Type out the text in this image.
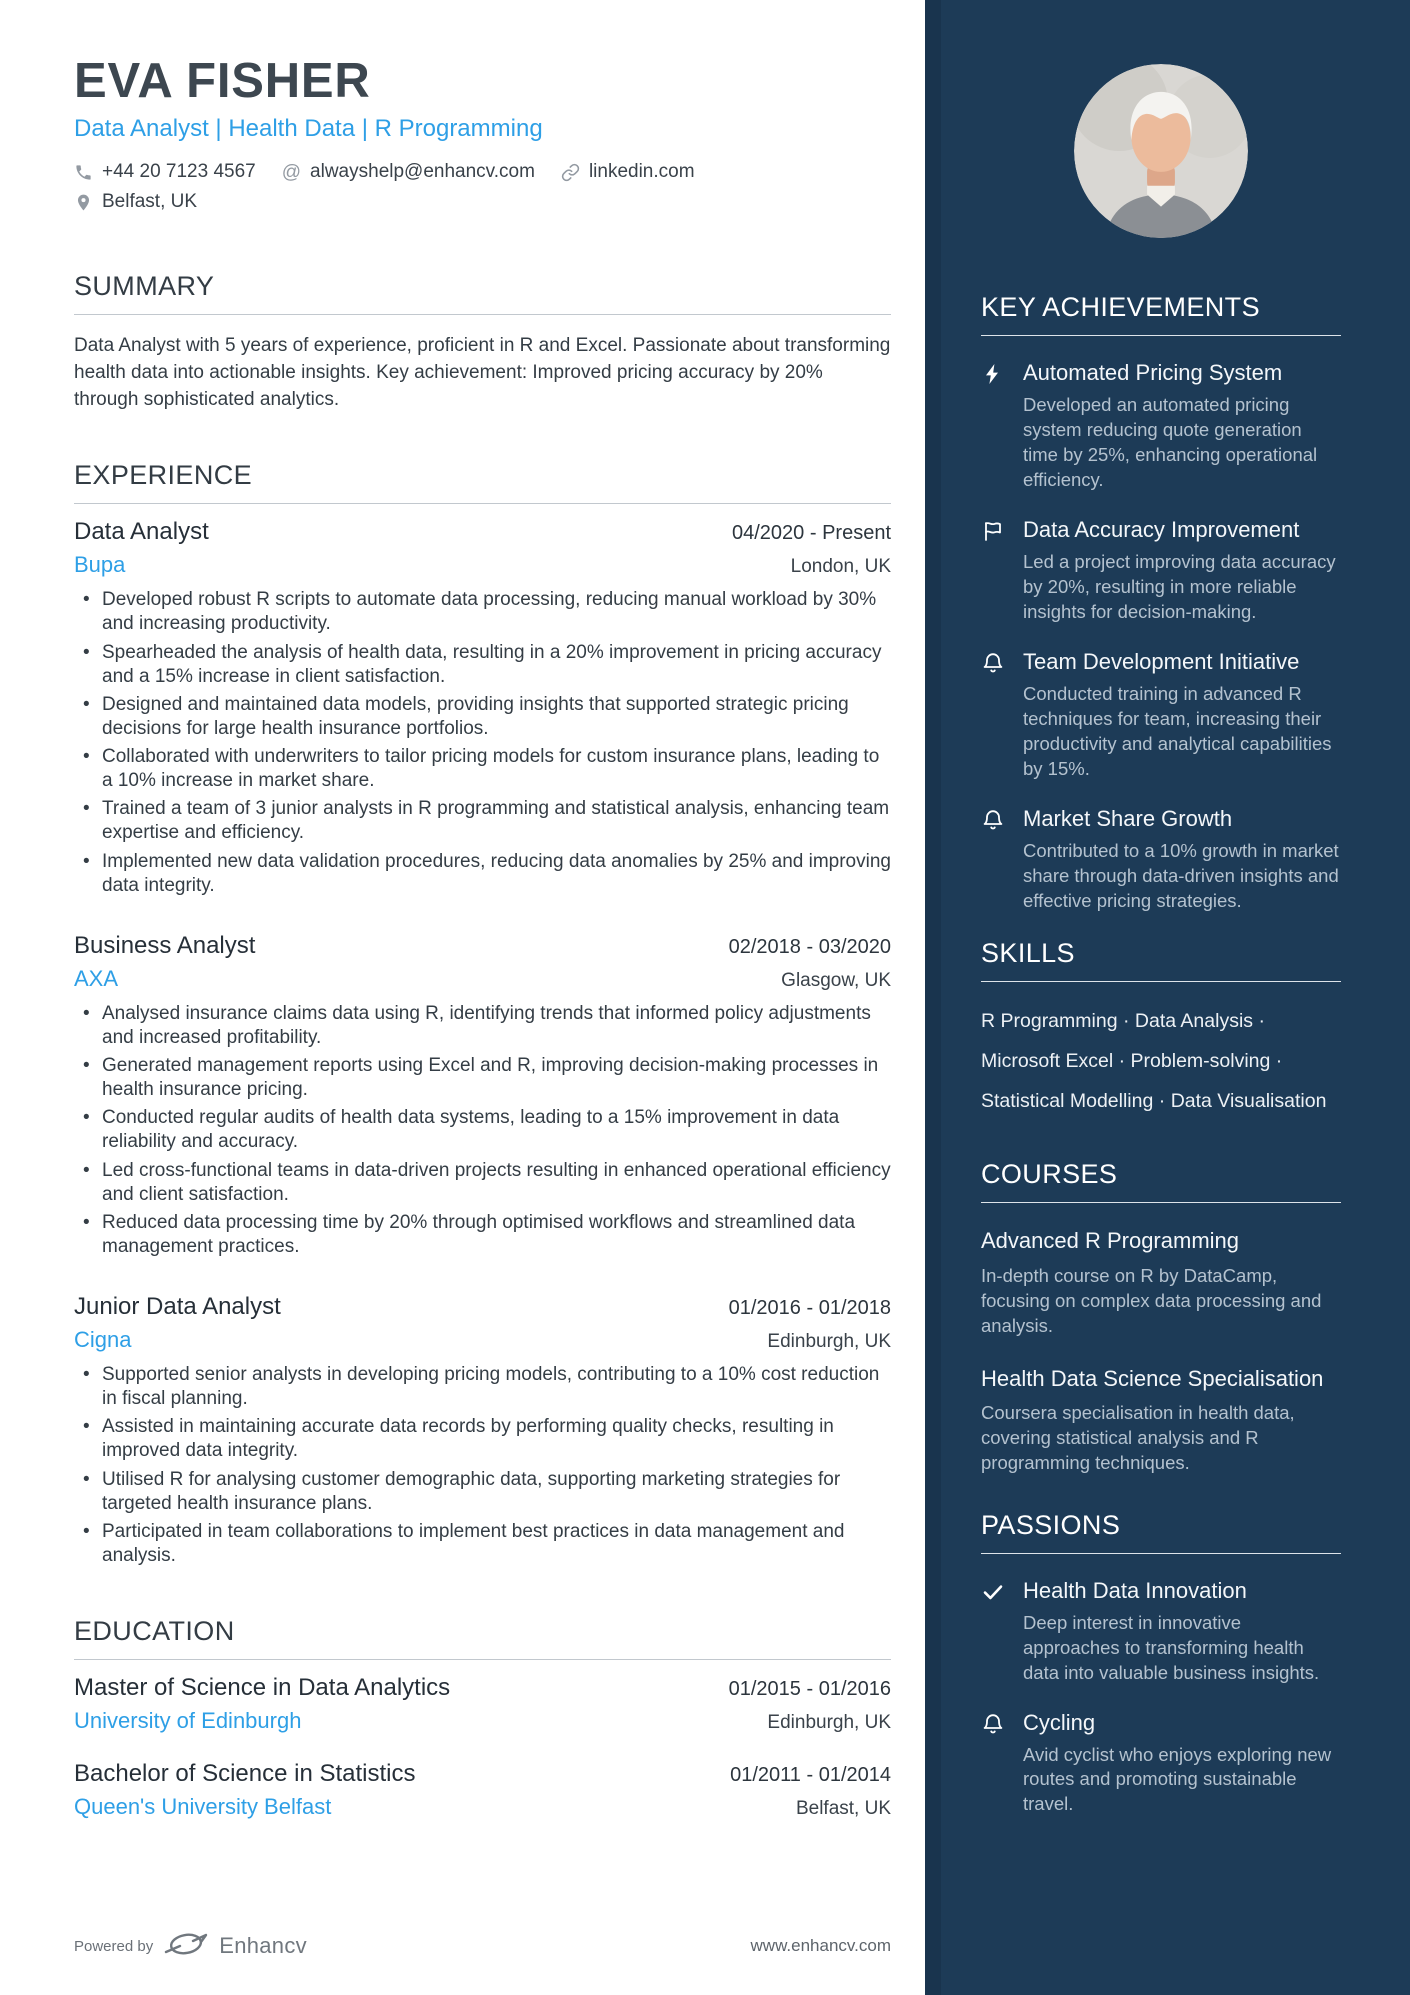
EVA FISHER
Data Analyst | Health Data | R Programming
+44 20 7123 4567 @ alwayshelp@enhancv.com	linkedin.com
Belfast, UK
SUMMARY
Data Analyst with 5 years of experience, proficient in R and Excel. Passionate about transforming health data into actionable insights. Key achievement: Improved pricing accuracy by 20% through sophisticated analytics.
EXPERIENCE
Data Analyst	04/2020 - Present
Bupa	London, UK
• Developed robust R scripts to automate data processing, reducing manual workload by 30% and increasing productivity.
• Spearheaded the analysis of health data, resulting in a 20% improvement in pricing accuracy and a 15% increase in client satisfaction.
• Designed and maintained data models, providing insights that supported strategic pricing decisions for large health insurance portfolios.
• Collaborated with underwriters to tailor pricing models for custom insurance plans, leading to a 10% increase in market share.
• Trained a team of 3 junior analysts in R programming and statistical analysis, enhancing team expertise and efficiency.
• Implemented new data validation procedures, reducing data anomalies by 25% and improving data integrity.
Business Analyst	02/2018 - 03/2020
AXA	Glasgow, UK
• Analysed insurance claims data using R, identifying trends that informed policy adjustments and increased profitability.
• Generated management reports using Excel and R, improving decision-making processes in health insurance pricing.
• Conducted regular audits of health data systems, leading to a 15% improvement in data reliability and accuracy.
• Led cross-functional teams in data-driven projects resulting in enhanced operational efficiency and client satisfaction.
• Reduced data processing time by 20% through optimised workflows and streamlined data management practices.
Junior Data Analyst	01/2016 - 01/2018
Cigna	Edinburgh, UK
• Supported senior analysts in developing pricing models, contributing to a 10% cost reduction in fiscal planning.
• Assisted in maintaining accurate data records by performing quality checks, resulting in improved data integrity.
• Utilised R for analysing customer demographic data, supporting marketing strategies for targeted health insurance plans.
• Participated in team collaborations to implement best practices in data management and analysis.
EDUCATION
Master of Science in Data Analytics	01/2015 - 01/2016
University of Edinburgh	Edinburgh, UK
Bachelor of Science in Statistics	01/2011 - 01/2014
Queen's University Belfast	Belfast, UK
Powered by	Enhancv	www.enhancv.com
KEY ACHIEVEMENTS
Automated Pricing System
Developed an automated pricing system reducing quote generation time by 25%, enhancing operational efficiency.
Data Accuracy Improvement
Led a project improving data accuracy by 20%, resulting in more reliable insights for decision-making.
Team Development Initiative
Conducted training in advanced R techniques for team, increasing their productivity and analytical capabilities by 15%.
Market Share Growth
Contributed to a 10% growth in market share through data-driven insights and effective pricing strategies.
SKILLS
R Programming · Data Analysis · Microsoft Excel · Problem-solving · Statistical Modelling · Data Visualisation
COURSES
Advanced R Programming
In-depth course on R by DataCamp, focusing on complex data processing and analysis.
Health Data Science Specialisation
Coursera specialisation in health data, covering statistical analysis and R programming techniques.
PASSIONS
Health Data Innovation
Deep interest in innovative approaches to transforming health data into valuable business insights.
Cycling
Avid cyclist who enjoys exploring new routes and promoting sustainable travel.
